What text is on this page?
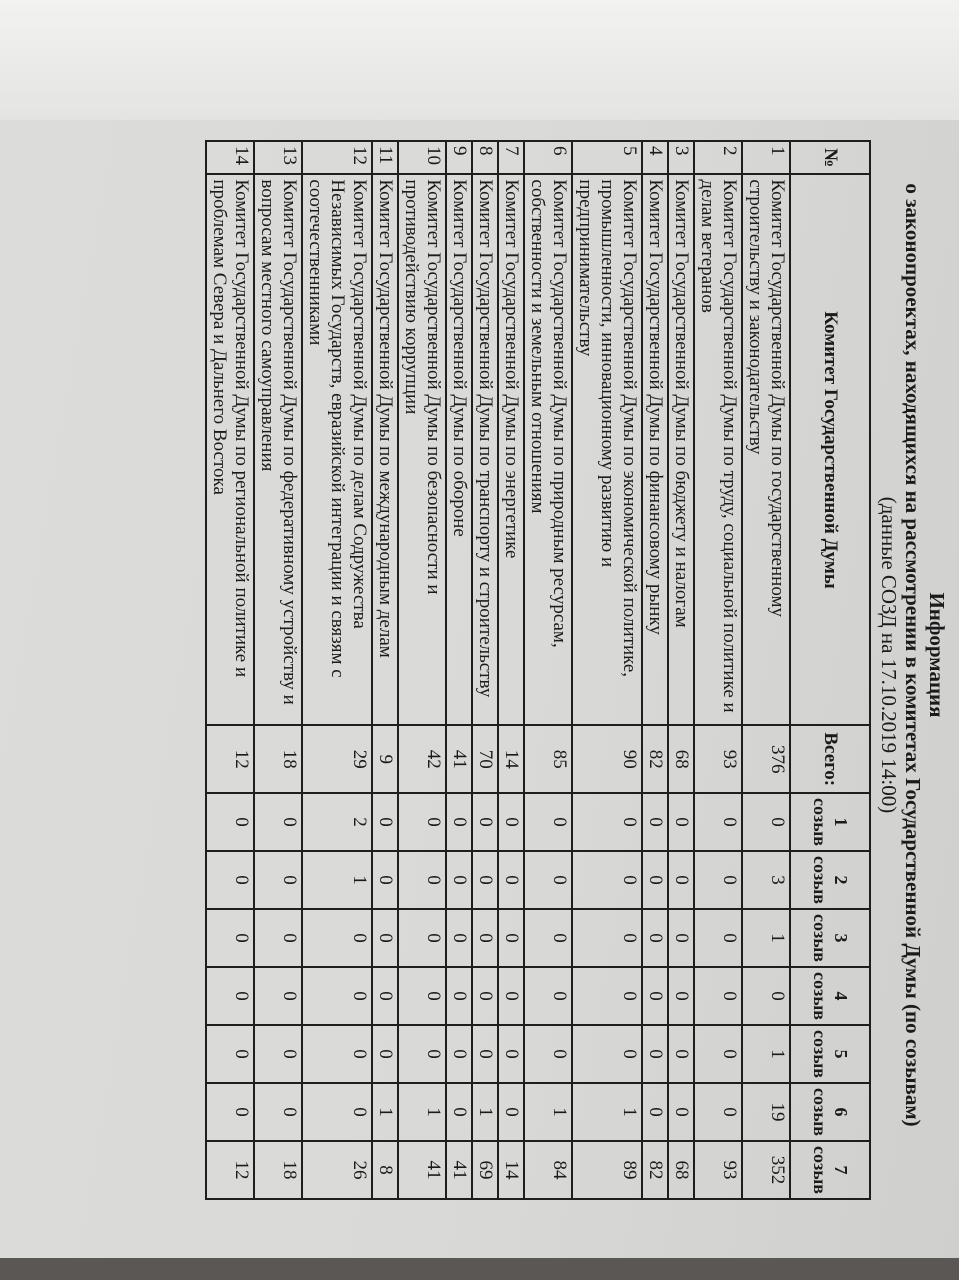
Информация
о законопроектах, находящихся на рассмотрении в комитетах Государственной Думы (по созывам)
(данные СОЗД на 17.10.2019 14:00)
№	Комитет Государственной Думы	Всего:	1 созыв	2 созыв	3 созыв	4 созыв	5 созыв	6 созыв	7 созыв
1	Комитет Государственной Думы по государственному строительству и законодательству	376	0	3	1	0	1	19	352
2	Комитет Государственной Думы по труду, социальной политике и делам ветеранов	93	0	0	0	0	0	0	93
3	Комитет Государственной Думы по бюджету и налогам	68	0	0	0	0	0	0	68
4	Комитет Государственной Думы по финансовому рынку	82	0	0	0	0	0	0	82
5	Комитет Государственной Думы по экономической политике, промышленности, инновационному развитию и предпринимательству	90	0	0	0	0	0	1	89
6	Комитет Государственной Думы по природным ресурсам, собственности и земельным отношениям	85	0	0	0	0	0	1	84
7	Комитет Государственной Думы по энергетике	14	0	0	0	0	0	0	14
8	Комитет Государственной Думы по транспорту и строительству	70	0	0	0	0	0	1	69
9	Комитет Государственной Думы по обороне	41	0	0	0	0	0	0	41
10	Комитет Государственной Думы по безопасности и противодействию коррупции	42	0	0	0	0	0	1	41
11	Комитет Государственной Думы по международным делам	9	0	0	0	0	0	1	8
12	Комитет Государственной Думы по делам Содружества Независимых Государств, евразийской интеграции и связям с соотечественниками	29	2	1	0	0	0	0	26
13	Комитет Государственной Думы по федеративному устройству и вопросам местного самоуправления	18	0	0	0	0	0	0	18
14	Комитет Государственной Думы по региональной политике и проблемам Севера и Дальнего Востока	12	0	0	0	0	0	0	12
